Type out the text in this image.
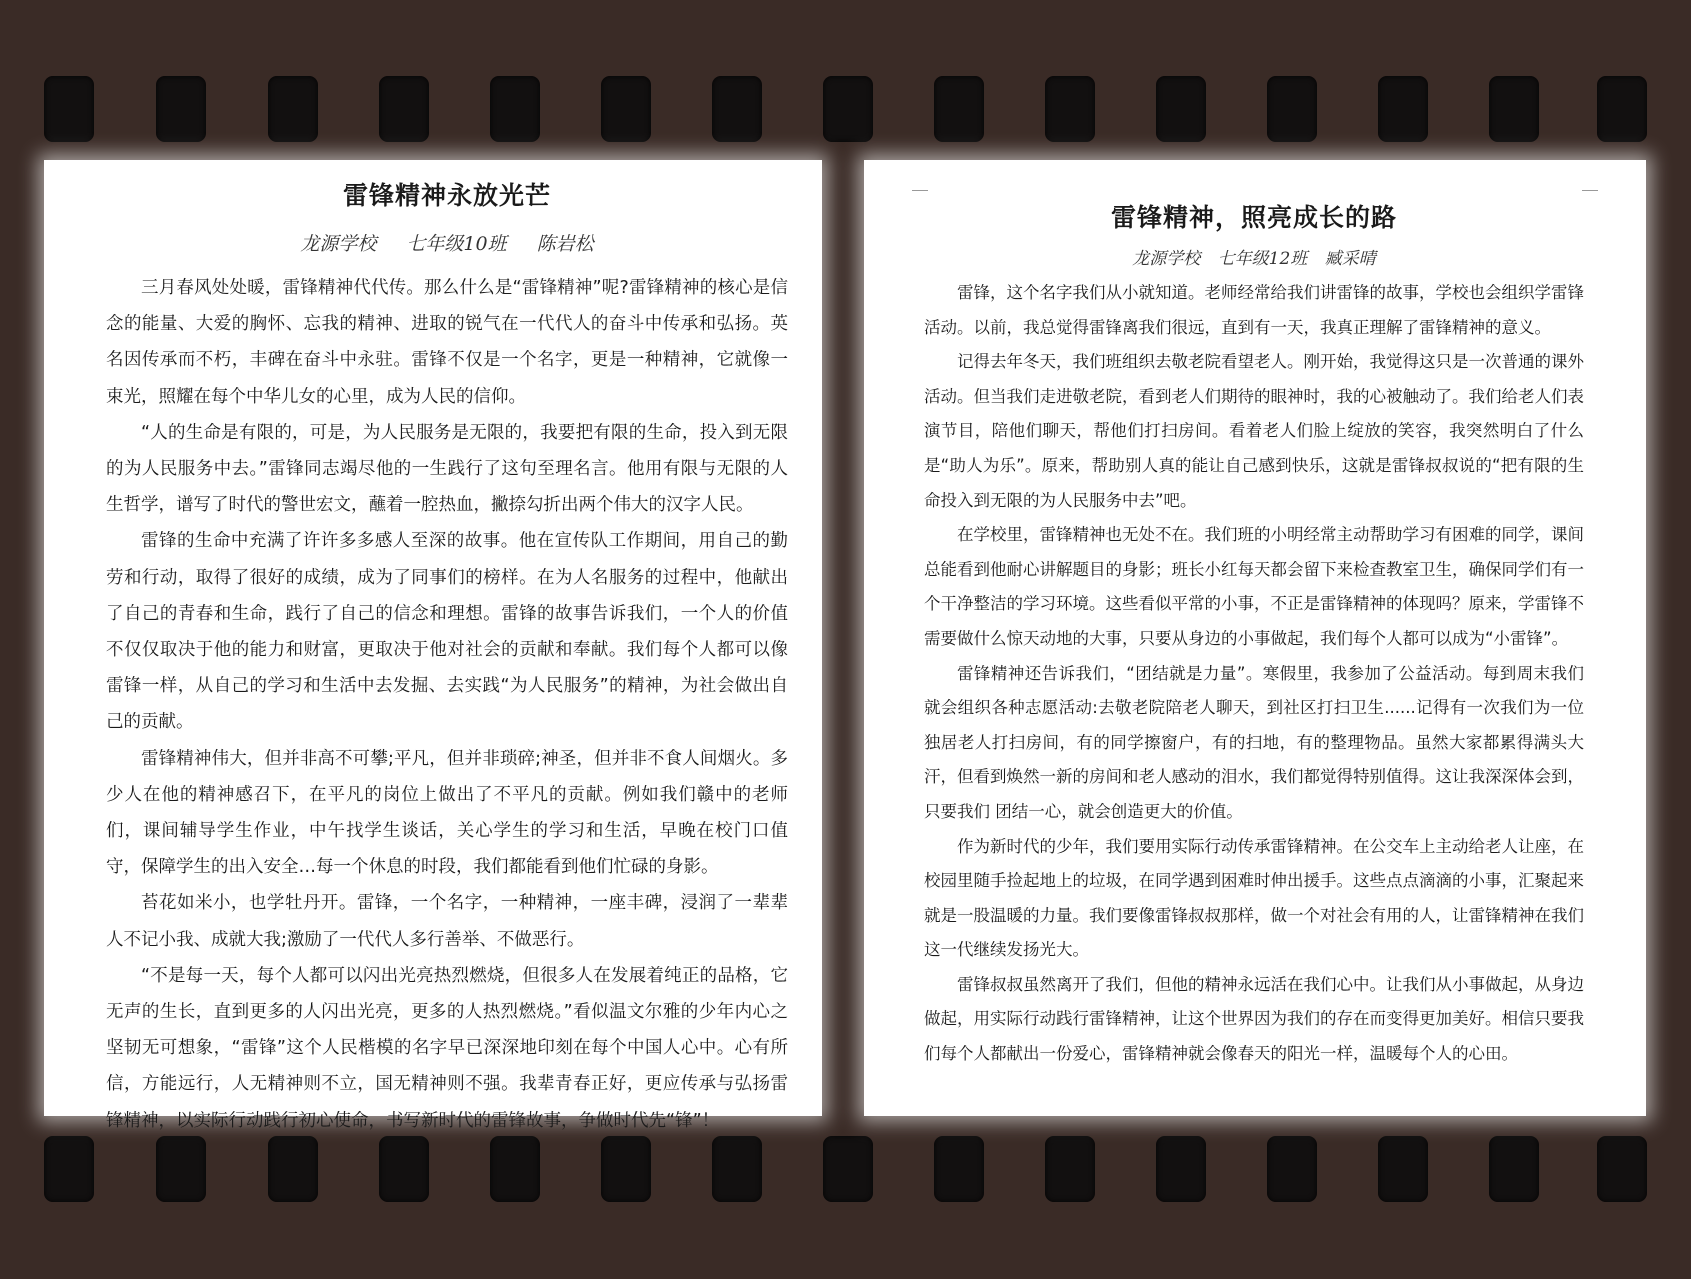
雷锋精神永放光芒

龙源学校 七年级10班 陈岩松

三月春风处处暖，雷锋精神代代传。那么什么是“雷锋精神”呢?雷锋精神的核心是信念的能量、大爱的胸怀、忘我的精神、进取的锐气在一代代人的奋斗中传承和弘扬。英名因传承而不朽，丰碑在奋斗中永驻。雷锋不仅是一个名字，更是一种精神，它就像一束光，照耀在每个中华儿女的心里，成为人民的信仰。

“人的生命是有限的，可是，为人民服务是无限的，我要把有限的生命，投入到无限的为人民服务中去。”雷锋同志竭尽他的一生践行了这句至理名言。他用有限与无限的人生哲学，谱写了时代的警世宏文，蘸着一腔热血，撇捺勾折出两个伟大的汉字人民。

雷锋的生命中充满了许许多多感人至深的故事。他在宣传队工作期间，用自己的勤劳和行动，取得了很好的成绩，成为了同事们的榜样。在为人名服务的过程中，他献出了自己的青春和生命，践行了自己的信念和理想。雷锋的故事告诉我们，一个人的价值不仅仅取决于他的能力和财富，更取决于他对社会的贡献和奉献。我们每个人都可以像雷锋一样，从自己的学习和生活中去发掘、去实践“为人民服务”的精神，为社会做出自己的贡献。

雷锋精神伟大，但并非高不可攀;平凡，但并非琐碎;神圣，但并非不食人间烟火。多少人在他的精神感召下，在平凡的岗位上做出了不平凡的贡献。例如我们赣中的老师们，课间辅导学生作业，中午找学生谈话，关心学生的学习和生活，早晚在校门口值守，保障学生的出入安全…每一个休息的时段，我们都能看到他们忙碌的身影。

苔花如米小，也学牡丹开。雷锋，一个名字，一种精神，一座丰碑，浸润了一辈辈人不记小我、成就大我;激励了一代代人多行善举、不做恶行。

“不是每一天，每个人都可以闪出光亮热烈燃烧，但很多人在发展着纯正的品格，它无声的生长，直到更多的人闪出光亮，更多的人热烈燃烧。”看似温文尔雅的少年内心之坚韧无可想象，“雷锋”这个人民楷模的名字早已深深地印刻在每个中国人心中。心有所信，方能远行，人无精神则不立，国无精神则不强。我辈青春正好，更应传承与弘扬雷锋精神，以实际行动践行初心使命，书写新时代的雷锋故事，争做时代先“锋”！

雷锋精神，照亮成长的路

龙源学校 七年级12班 臧采晴

雷锋，这个名字我们从小就知道。老师经常给我们讲雷锋的故事，学校也会组织学雷锋活动。以前，我总觉得雷锋离我们很远，直到有一天，我真正理解了雷锋精神的意义。

记得去年冬天，我们班组织去敬老院看望老人。刚开始，我觉得这只是一次普通的课外活动。但当我们走进敬老院，看到老人们期待的眼神时，我的心被触动了。我们给老人们表演节目，陪他们聊天，帮他们打扫房间。看着老人们脸上绽放的笑容，我突然明白了什么是“助人为乐”。原来，帮助别人真的能让自己感到快乐，这就是雷锋叔叔说的“把有限的生命投入到无限的为人民服务中去”吧。

在学校里，雷锋精神也无处不在。我们班的小明经常主动帮助学习有困难的同学，课间总能看到他耐心讲解题目的身影；班长小红每天都会留下来检查教室卫生，确保同学们有一个干净整洁的学习环境。这些看似平常的小事，不正是雷锋精神的体现吗？原来，学雷锋不需要做什么惊天动地的大事，只要从身边的小事做起，我们每个人都可以成为“小雷锋”。

雷锋精神还告诉我们，“团结就是力量”。寒假里，我参加了公益活动。每到周末我们就会组织各种志愿活动:去敬老院陪老人聊天，到社区打扫卫生......记得有一次我们为一位独居老人打扫房间，有的同学擦窗户，有的扫地，有的整理物品。虽然大家都累得满头大汗，但看到焕然一新的房间和老人感动的泪水，我们都觉得特别值得。这让我深深体会到，只要我们 团结一心，就会创造更大的价值。

作为新时代的少年，我们要用实际行动传承雷锋精神。在公交车上主动给老人让座，在校园里随手捡起地上的垃圾，在同学遇到困难时伸出援手。这些点点滴滴的小事，汇聚起来就是一股温暖的力量。我们要像雷锋叔叔那样，做一个对社会有用的人，让雷锋精神在我们这一代继续发扬光大。

雷锋叔叔虽然离开了我们，但他的精神永远活在我们心中。让我们从小事做起，从身边做起，用实际行动践行雷锋精神，让这个世界因为我们的存在而变得更加美好。相信只要我们每个人都献出一份爱心，雷锋精神就会像春天的阳光一样，温暖每个人的心田。
